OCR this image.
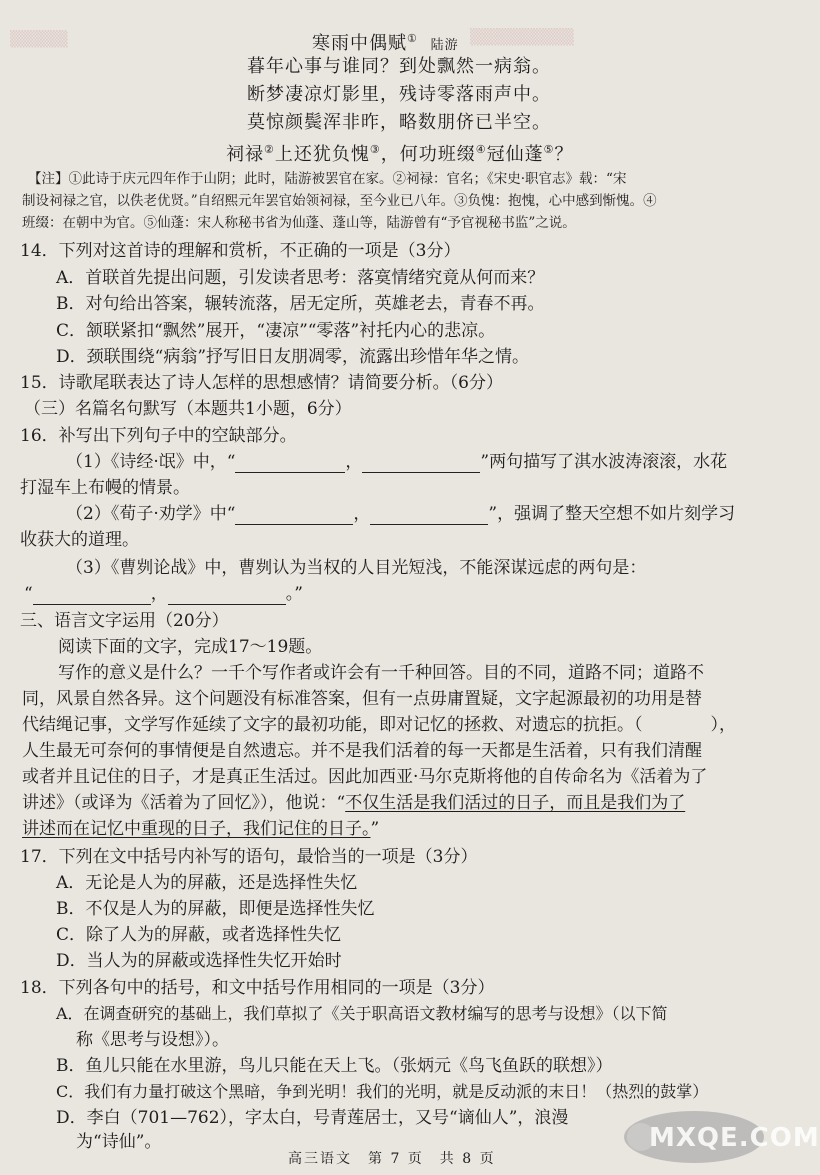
▒▒▒▒▒	▒▒▒▒▒▒▒▒▒
寒雨中偶赋① 陆游
暮年心事与谁同？到处飘然一病翁。
断梦凄凉灯影里，残诗零落雨声中。
莫惊颜鬓浑非昨，略数朋侪已半空。
祠禄②上还犹负愧③，何功班缀④冠仙蓬⑤？
【注】①此诗于庆元四年作于山阴；此时，陆游被罢官在家。②祠禄：官名；《宋史·职官志》载：“宋
制设祠禄之官，以佚老优贤。”自绍熙元年罢官始领祠禄，至今业已八年。③负愧：抱愧，心中感到惭愧。④
班缀：在朝中为官。⑤仙蓬：宋人称秘书省为仙蓬、蓬山等，陆游曾有“予官视秘书监”之说。
14．下列对这首诗的理解和赏析，不正确的一项是（3分）
A．首联首先提出问题，引发读者思考：落寞情绪究竟从何而来？
B．对句给出答案，辗转流落，居无定所，英雄老去，青春不再。
C．颔联紧扣“飘然”展开，“凄凉”“零落”衬托内心的悲凉。
D．颈联围绕“病翁”抒写旧日友朋凋零，流露出珍惜年华之情。
15．诗歌尾联表达了诗人怎样的思想感情？请简要分析。（6分）
（三）名篇名句默写（本题共1小题，6分）
16．补写出下列句子中的空缺部分。
（1）《诗经·氓》中，“	，	”两句描写了淇水波涛滚滚，水花
打湿车上布幔的情景。
（2）《荀子·劝学》中“	，	”，强调了整天空想不如片刻学习
收获大的道理。
（3）《曹刿论战》中，曹刿认为当权的人目光短浅，不能深谋远虑的两句是：
“	，	。”
三、语言文字运用（20分）
阅读下面的文字，完成17～19题。
写作的意义是什么？一千个写作者或许会有一千种回答。目的不同，道路不同；道路不
同，风景自然各异。这个问题没有标准答案，但有一点毋庸置疑，文字起源最初的功用是替
代结绳记事，文学写作延续了文字的最初功能，即对记忆的拯救、对遗忘的抗拒。（　　　　），
人生最无可奈何的事情便是自然遗忘。并不是我们活着的每一天都是生活着，只有我们清醒
或者并且记住的日子，才是真正生活过。因此加西亚·马尔克斯将他的自传命名为《活着为了
讲述》（或译为《活着为了回忆》），他说：“不仅生活是我们活过的日子，而且是我们为了
讲述而在记忆中重现的日子，我们记住的日子。”
17．下列在文中括号内补写的语句，最恰当的一项是（3分）
A．无论是人为的屏蔽，还是选择性失忆
B．不仅是人为的屏蔽，即便是选择性失忆
C．除了人为的屏蔽，或者选择性失忆
D．当人为的屏蔽或选择性失忆开始时
18．下列各句中的括号，和文中括号作用相同的一项是（3分）
A．在调查研究的基础上，我们草拟了《关于职高语文教材编写的思考与设想》（以下简
称《思考与设想》）。
B．鱼儿只能在水里游，鸟儿只能在天上飞。（张炳元《鸟飞鱼跃的联想》）
C．我们有力量打破这个黑暗，争到光明！我们的光明，就是反动派的末日！（热烈的鼓掌）
D．李白（701—762），字太白，号青莲居士，又号“谪仙人”，浪漫
为“诗仙”。
高三语文　第 7 页　共 8 页
MXQE.COM
